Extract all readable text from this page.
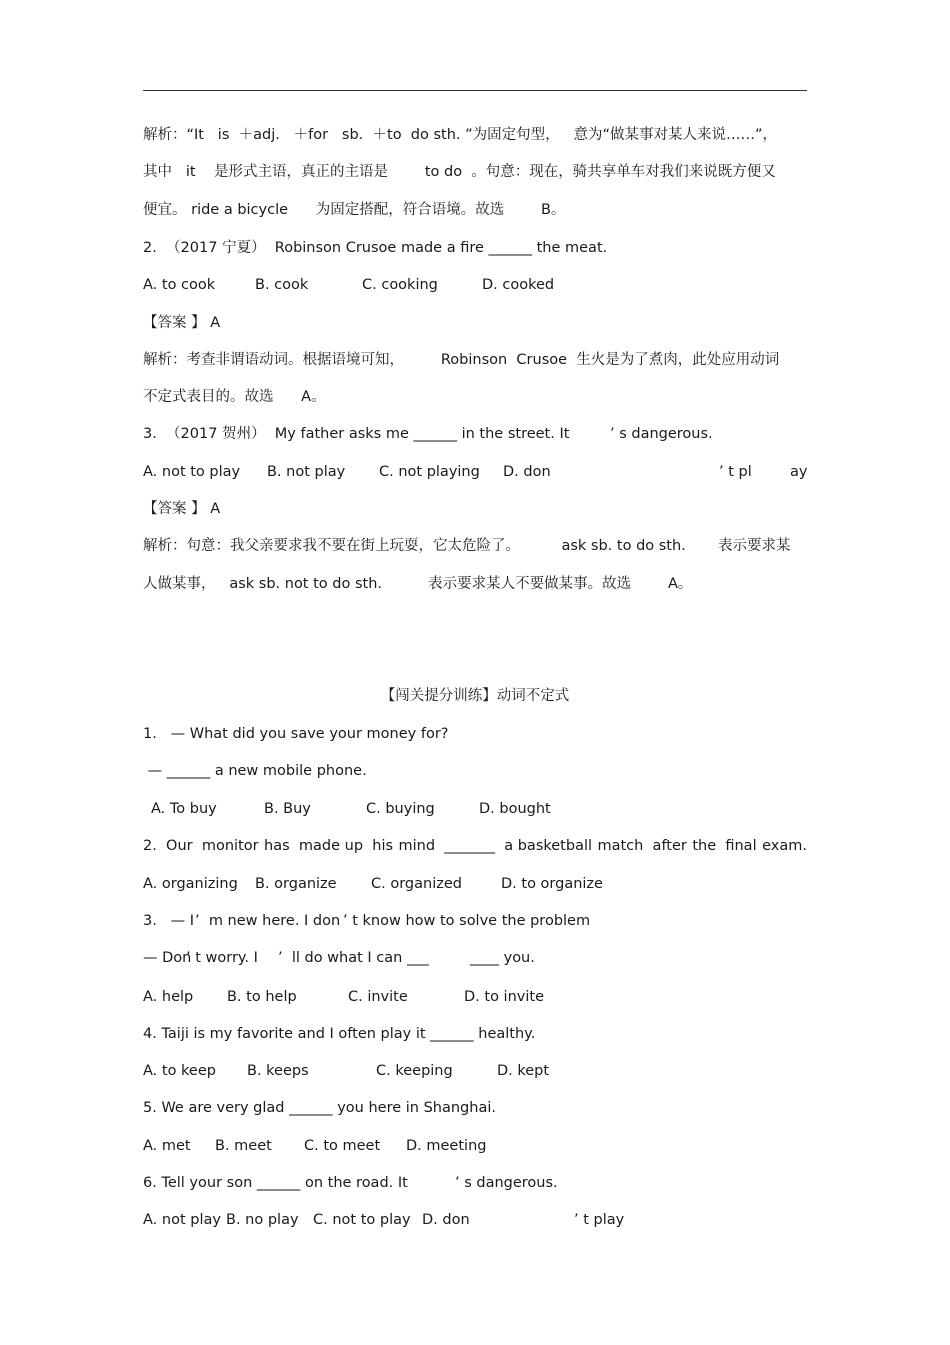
解析：“It   is  ＋adj.   ＋for   sb.  ＋to  do sth. ”为固定句型，   意为“做某事对某人来说……”，
其中   it    是形式主语，真正的主语是        to do  。句意：现在，骑共享单车对我们来说既方便又
便宜。 ride a bicycle      为固定搭配，符合语境。故选        B。
2.  （2017 宁夏）  Robinson Crusoe made a fire ______ the meat.
A. to cook	B. cook	C. cooking	D. cooked
【答案 】 A
解析：考查非谓语动词。根据语境可知，        Robinson  Crusoe  生火是为了煮肉，此处应用动词
不定式表目的。故选      A。
3.  （2017 贺州）  My father asks me ______ in the street. It	’ s dangerous.
A. not to play B. not play C. not playing D. don	’ t pl	ay
【答案 】 A
解析：句意：我父亲要求我不要在街上玩耍，它太危险了。         ask sb. to do sth.       表示要求某
人做某事，   ask sb. not to do sth.          表示要求某人不要做某事。故选        A。
【闯关提分训练】动词不定式
1.   — What did you save your money for?
— ______ a new mobile phone.
A. To buy	B. Buy	C. buying	D. bought
2.  Our  monitor has  made up  his mind  _______  a basketball match  after the  final exam.
A. organizing B. organize C. organized	D. to organize
3.   — I ’  m new here. I don ’ t know how to solve the problem
— Don
’ t worry. I ’  ll do what I can ___	____ you.
A. help B. to help	C. invite	D. to invite
4. Taiji is my favorite and I often play it ______ healthy.
A. to keep B. keeps	C. keeping	D. kept
5. We are very glad ______ you here in Shanghai.
A. met B. meet C. to meet D. meeting
6. Tell your son ______ on the road. It	’ s dangerous.
A. not play B. no play C. not to play D. don	’ t play
